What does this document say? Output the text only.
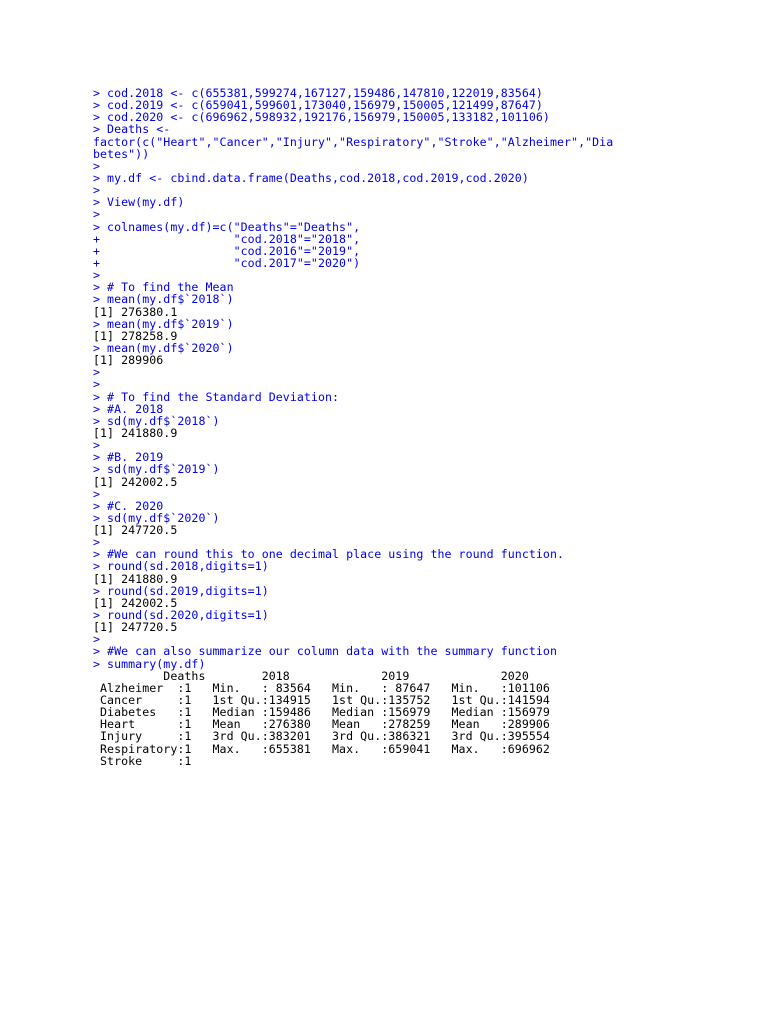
> cod.2018 <- c(655381,599274,167127,159486,147810,122019,83564)
> cod.2019 <- c(659041,599601,173040,156979,150005,121499,87647)
> cod.2020 <- c(696962,598932,192176,156979,150005,133182,101106)
> Deaths <-
factor(c("Heart","Cancer","Injury","Respiratory","Stroke","Alzheimer","Dia
betes"))
>
> my.df <- cbind.data.frame(Deaths,cod.2018,cod.2019,cod.2020)
>
> View(my.df)
>
> colnames(my.df)=c("Deaths"="Deaths",
+                   "cod.2018"="2018",
+                   "cod.2016"="2019",
+                   "cod.2017"="2020")
>
> # To find the Mean
> mean(my.df$`2018`)
[1] 276380.1
> mean(my.df$`2019`)
[1] 278258.9
> mean(my.df$`2020`)
[1] 289906
>
>
> # To find the Standard Deviation:
> #A. 2018
> sd(my.df$`2018`)
[1] 241880.9
>
> #B. 2019
> sd(my.df$`2019`)
[1] 242002.5
>
> #C. 2020
> sd(my.df$`2020`)
[1] 247720.5
>
> #We can round this to one decimal place using the round function.
> round(sd.2018,digits=1)
[1] 241880.9
> round(sd.2019,digits=1)
[1] 242002.5
> round(sd.2020,digits=1)
[1] 247720.5
>
> #We can also summarize our column data with the summary function
> summary(my.df)
Deaths        2018             2019             2020
Alzheimer  :1   Min.   : 83564   Min.   : 87647   Min.   :101106
Cancer     :1   1st Qu.:134915   1st Qu.:135752   1st Qu.:141594
Diabetes   :1   Median :159486   Median :156979   Median :156979
Heart      :1   Mean   :276380   Mean   :278259   Mean   :289906
Injury     :1   3rd Qu.:383201   3rd Qu.:386321   3rd Qu.:395554
Respiratory:1   Max.   :655381   Max.   :659041   Max.   :696962
Stroke     :1
